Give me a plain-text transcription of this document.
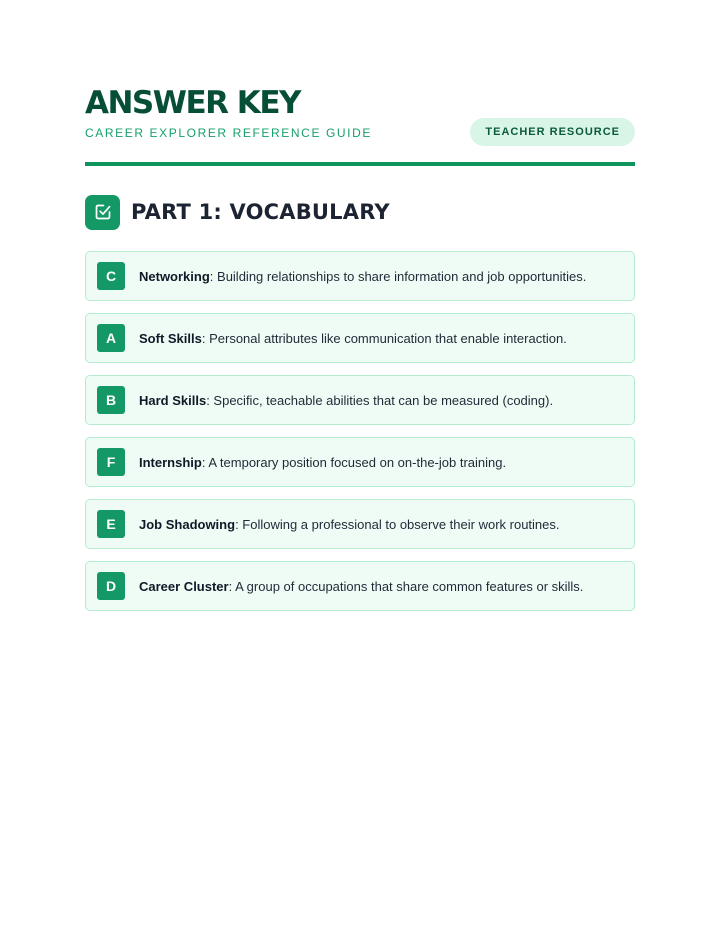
ANSWER KEY
CAREER EXPLORER REFERENCE GUIDE	TEACHER RESOURCE
PART 1: VOCABULARY
C	Networking: Building relationships to share information and job opportunities.
A	Soft Skills: Personal attributes like communication that enable interaction.
B	Hard Skills: Specific, teachable abilities that can be measured (coding).
F	Internship: A temporary position focused on on-the-job training.
E	Job Shadowing: Following a professional to observe their work routines.
D	Career Cluster: A group of occupations that share common features or skills.
